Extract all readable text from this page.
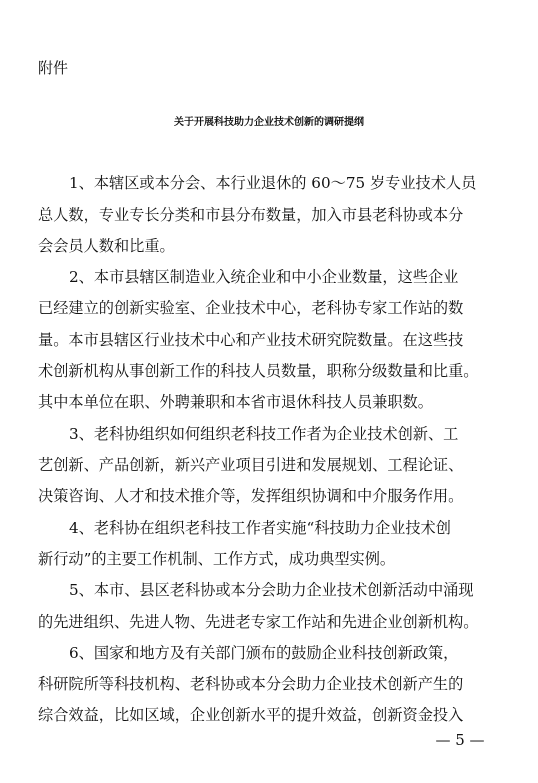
附件
关于开展科技助力企业技术创新的调研提纲
1、本辖区或本分会、本行业退休的 60～75 岁专业技术人员
总人数，专业专长分类和市县分布数量，加入市县老科协或本分
会会员人数和比重。
2、本市县辖区制造业入统企业和中小企业数量，这些企业
已经建立的创新实验室、企业技术中心，老科协专家工作站的数
量。本市县辖区行业技术中心和产业技术研究院数量。在这些技
术创新机构从事创新工作的科技人员数量，职称分级数量和比重。
其中本单位在职、外聘兼职和本省市退休科技人员兼职数。
3、老科协组织如何组织老科技工作者为企业技术创新、工
艺创新、产品创新，新兴产业项目引进和发展规划、工程论证、
决策咨询、人才和技术推介等，发挥组织协调和中介服务作用。
4、老科协在组织老科技工作者实施“科技助力企业技术创
新行动”的主要工作机制、工作方式，成功典型实例。
5、本市、县区老科协或本分会助力企业技术创新活动中涌现
的先进组织、先进人物、先进老专家工作站和先进企业创新机构。
6、国家和地方及有关部门颁布的鼓励企业科技创新政策，
科研院所等科技机构、老科协或本分会助力企业技术创新产生的
综合效益，比如区域，企业创新水平的提升效益，创新资金投入
— 5 —
